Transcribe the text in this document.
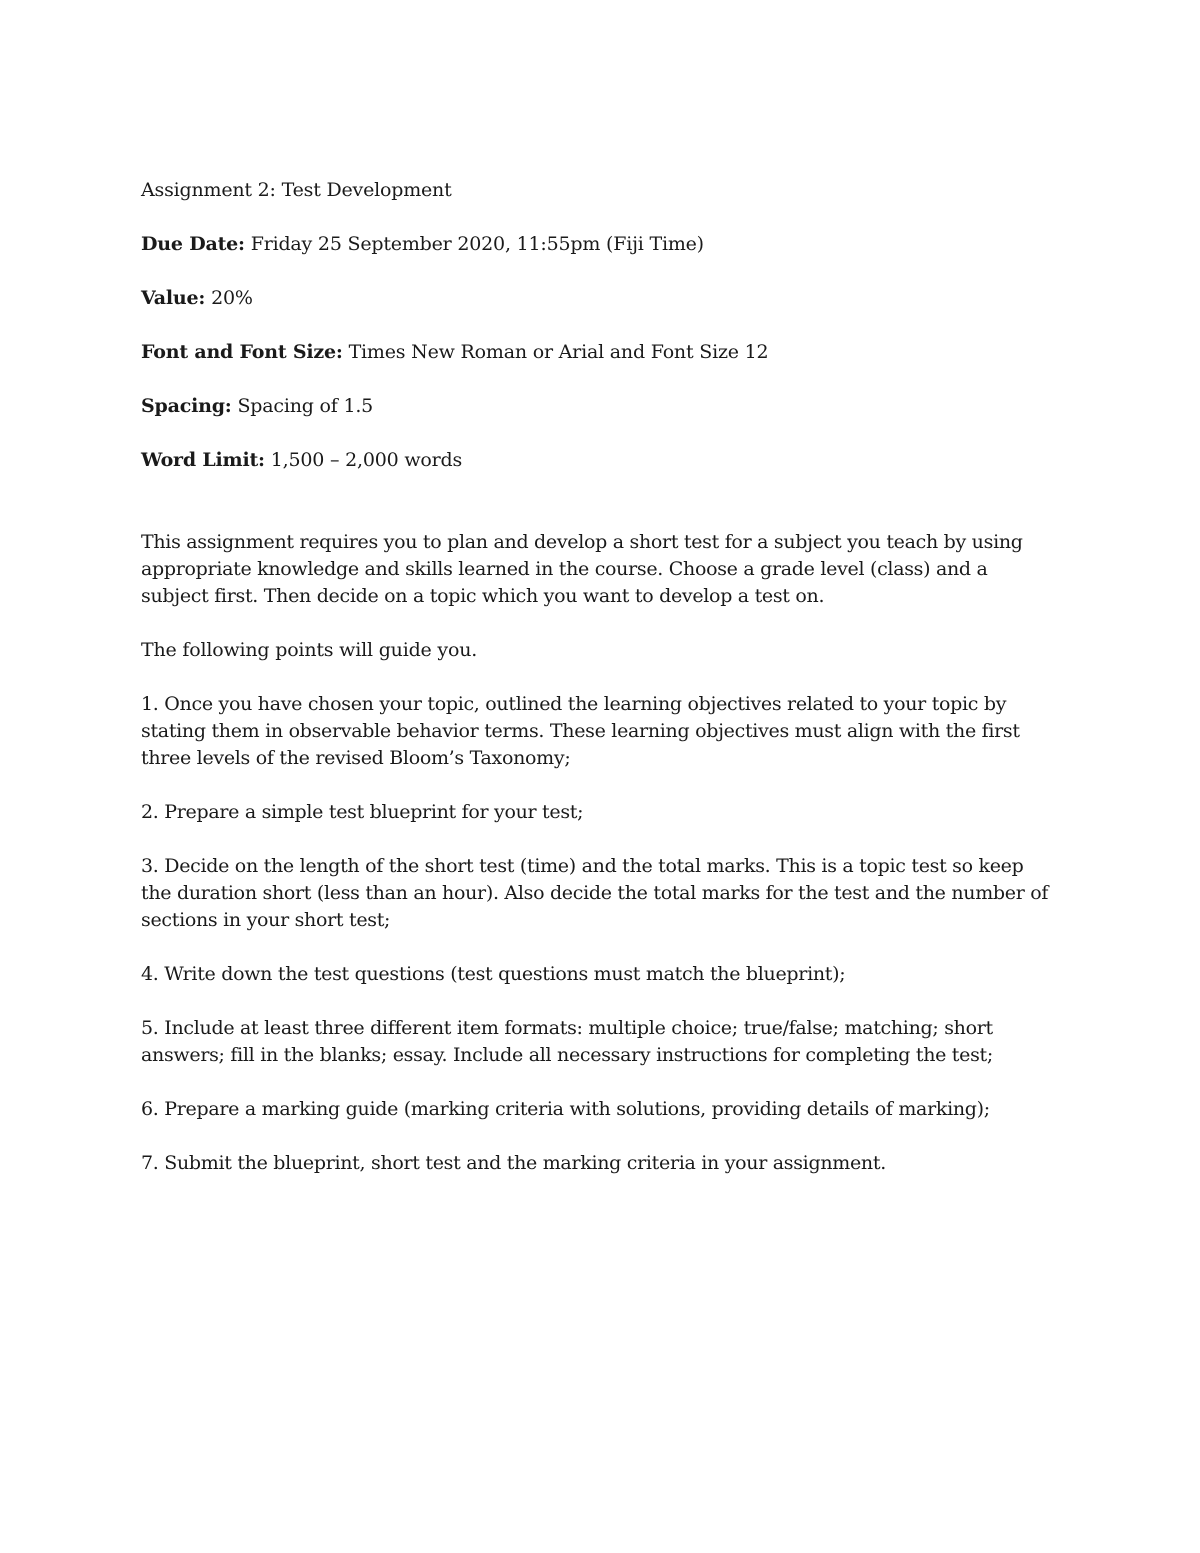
Assignment 2: Test Development
Due Date: Friday 25 September 2020, 11:55pm (Fiji Time)
Value: 20%
Font and Font Size: Times New Roman or Arial and Font Size 12
Spacing: Spacing of 1.5
Word Limit: 1,500 – 2,000 words
This assignment requires you to plan and develop a short test for a subject you teach by using
appropriate knowledge and skills learned in the course. Choose a grade level (class) and a
subject first. Then decide on a topic which you want to develop a test on.
The following points will guide you.
1. Once you have chosen your topic, outlined the learning objectives related to your topic by
stating them in observable behavior terms. These learning objectives must align with the first
three levels of the revised Bloom’s Taxonomy;
2. Prepare a simple test blueprint for your test;
3. Decide on the length of the short test (time) and the total marks. This is a topic test so keep
the duration short (less than an hour). Also decide the total marks for the test and the number of
sections in your short test;
4. Write down the test questions (test questions must match the blueprint);
5. Include at least three different item formats: multiple choice; true/false; matching; short
answers; fill in the blanks; essay. Include all necessary instructions for completing the test;
6. Prepare a marking guide (marking criteria with solutions, providing details of marking);
7. Submit the blueprint, short test and the marking criteria in your assignment.
